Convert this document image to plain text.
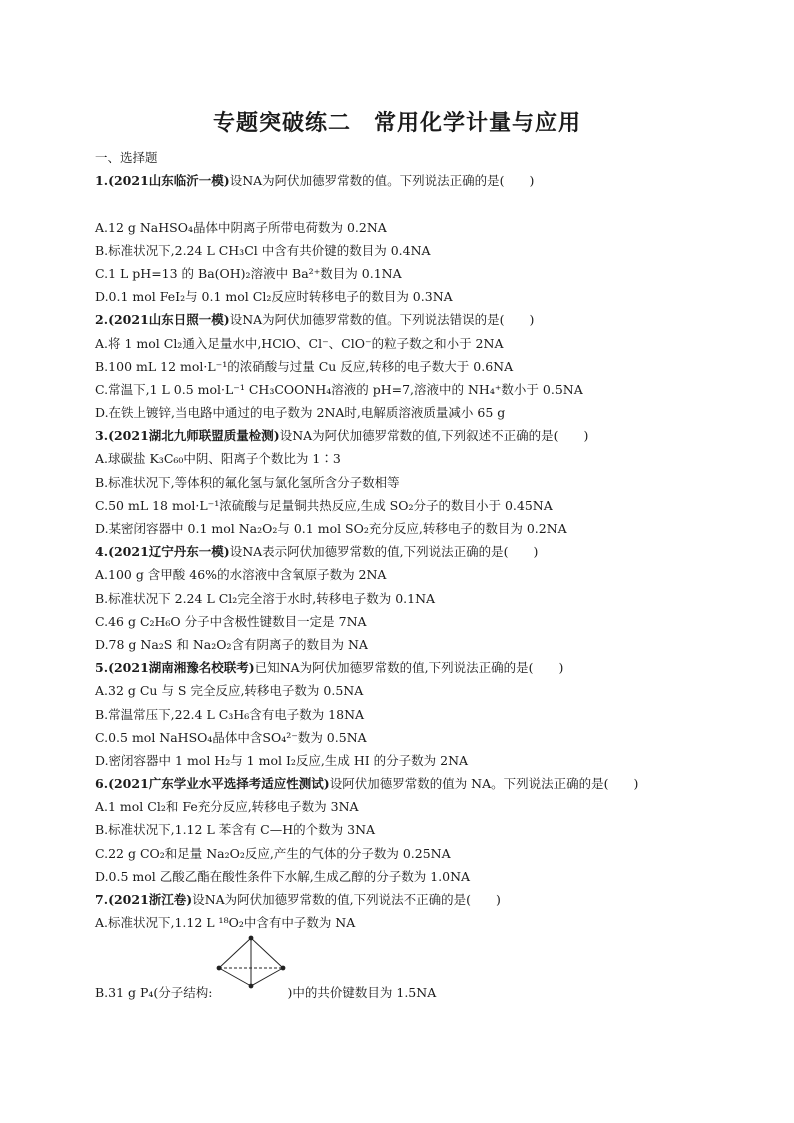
专题突破练二　常用化学计量与应用
一、选择题
1.(2021山东临沂一模)设NA为阿伏加德罗常数的值。下列说法正确的是(　　)
A.12 g NaHSO₄晶体中阴离子所带电荷数为 0.2NA
B.标准状况下,2.24 L CH₃Cl 中含有共价键的数目为 0.4NA
C.1 L pH=13 的 Ba(OH)₂溶液中 Ba²⁺数目为 0.1NA
D.0.1 mol FeI₂与 0.1 mol Cl₂反应时转移电子的数目为 0.3NA
2.(2021山东日照一模)设NA为阿伏加德罗常数的值。下列说法错误的是(　　)
A.将 1 mol Cl₂通入足量水中,HClO、Cl⁻、ClO⁻的粒子数之和小于 2NA
B.100 mL 12 mol·L⁻¹的浓硝酸与过量 Cu 反应,转移的电子数大于 0.6NA
C.常温下,1 L 0.5 mol·L⁻¹ CH₃COONH₄溶液的 pH=7,溶液中的 NH₄⁺数小于 0.5NA
D.在铁上镀锌,当电路中通过的电子数为 2NA时,电解质溶液质量减小 65 g
3.(2021湖北九师联盟质量检测)设NA为阿伏加德罗常数的值,下列叙述不正确的是(　　)
A.球碳盐 K₃C₆₀中阴、阳离子个数比为 1∶3
B.标准状况下,等体积的氟化氢与氯化氢所含分子数相等
C.50 mL 18 mol·L⁻¹浓硫酸与足量铜共热反应,生成 SO₂分子的数目小于 0.45NA
D.某密闭容器中 0.1 mol Na₂O₂与 0.1 mol SO₂充分反应,转移电子的数目为 0.2NA
4.(2021辽宁丹东一模)设NA表示阿伏加德罗常数的值,下列说法正确的是(　　)
A.100 g 含甲酸 46%的水溶液中含氧原子数为 2NA
B.标准状况下 2.24 L Cl₂完全溶于水时,转移电子数为 0.1NA
C.46 g C₂H₆O 分子中含极性键数目一定是 7NA
D.78 g Na₂S 和 Na₂O₂含有阴离子的数目为 NA
5.(2021湖南湘豫名校联考)已知NA为阿伏加德罗常数的值,下列说法正确的是(　　)
A.32 g Cu 与 S 完全反应,转移电子数为 0.5NA
B.常温常压下,22.4 L C₃H₆含有电子数为 18NA
C.0.5 mol NaHSO₄晶体中含SO₄²⁻数为 0.5NA
D.密闭容器中 1 mol H₂与 1 mol I₂反应,生成 HI 的分子数为 2NA
6.(2021广东学业水平选择考适应性测试)设阿伏加德罗常数的值为 NA。下列说法正确的是(　　)
A.1 mol Cl₂和 Fe充分反应,转移电子数为 3NA
B.标准状况下,1.12 L 苯含有 C—H的个数为 3NA
C.22 g CO₂和足量 Na₂O₂反应,产生的气体的分子数为 0.25NA
D.0.5 mol 乙酸乙酯在酸性条件下水解,生成乙醇的分子数为 1.0NA
7.(2021浙江卷)设NA为阿伏加德罗常数的值,下列说法不正确的是(　　)
A.标准状况下,1.12 L ¹⁸O₂中含有中子数为 NA
B.31 g P₄(分子结构:　　　　　　)中的共价键数目为 1.5NA
